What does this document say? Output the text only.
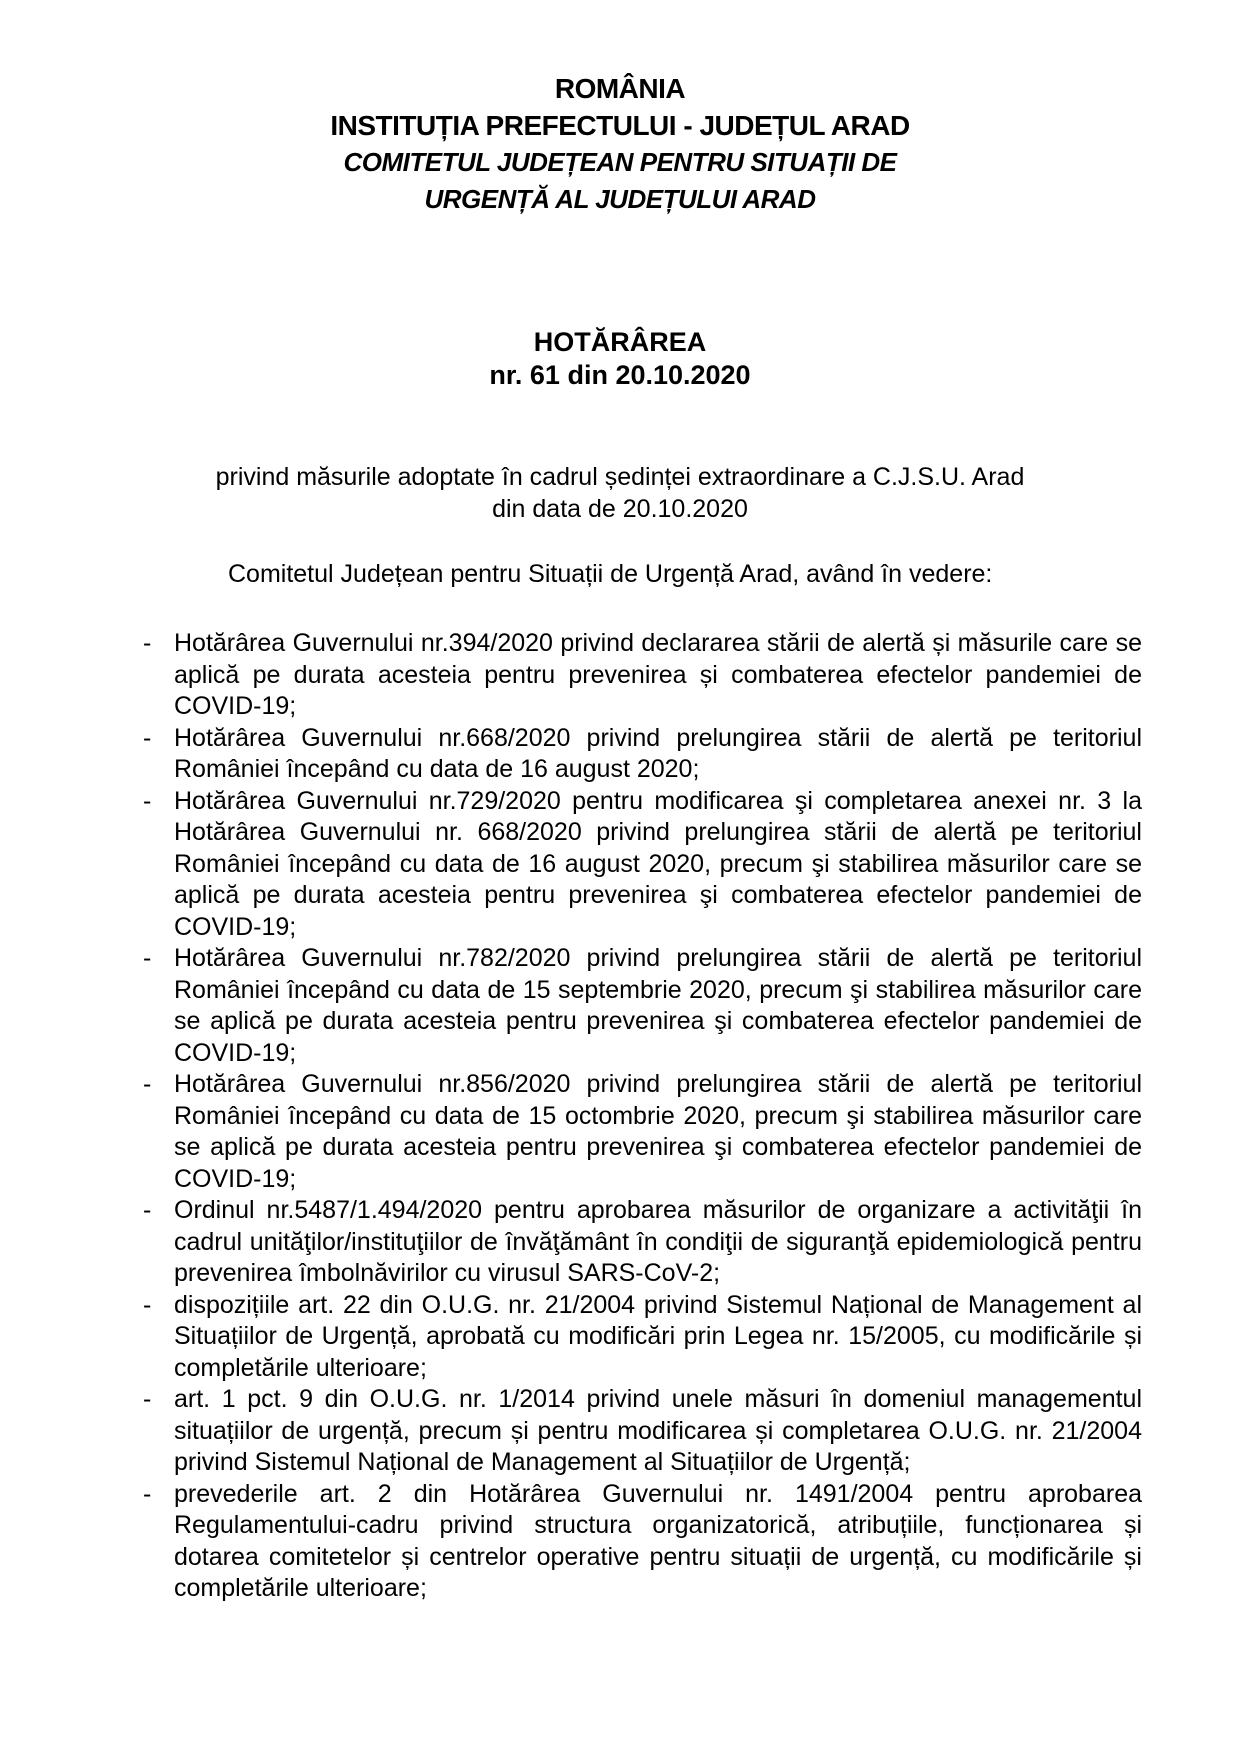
ROMÂNIA
INSTITUȚIA PREFECTULUI - JUDEȚUL ARAD
COMITETUL JUDEȚEAN PENTRU SITUAȚII DE
URGENȚĂ AL JUDEȚULUI ARAD
HOTĂRÂREA
nr. 61 din 20.10.2020
privind măsurile adoptate în cadrul ședinței extraordinare a C.J.S.U. Arad
din data de 20.10.2020

Comitetul Județean pentru Situații de Urgență Arad, având în vedere:

- Hotărârea Guvernului nr.394/2020 privind declararea stării de alertă și măsurile care se aplică pe durata acesteia pentru prevenirea și combaterea efectelor pandemiei de COVID-19;
- Hotărârea Guvernului nr.668/2020 privind prelungirea stării de alertă pe teritoriul României începând cu data de 16 august 2020;
- Hotărârea Guvernului nr.729/2020 pentru modificarea şi completarea anexei nr. 3 la Hotărârea Guvernului nr. 668/2020 privind prelungirea stării de alertă pe teritoriul României începând cu data de 16 august 2020, precum şi stabilirea măsurilor care se aplică pe durata acesteia pentru prevenirea şi combaterea efectelor pandemiei de COVID-19;
- Hotărârea Guvernului nr.782/2020 privind prelungirea stării de alertă pe teritoriul României începând cu data de 15 septembrie 2020, precum şi stabilirea măsurilor care se aplică pe durata acesteia pentru prevenirea şi combaterea efectelor pandemiei de COVID-19;
- Hotărârea Guvernului nr.856/2020 privind prelungirea stării de alertă pe teritoriul României începând cu data de 15 octombrie 2020, precum şi stabilirea măsurilor care se aplică pe durata acesteia pentru prevenirea şi combaterea efectelor pandemiei de COVID-19;
- Ordinul nr.5487/1.494/2020 pentru aprobarea măsurilor de organizare a activităţii în cadrul unităţilor/instituţiilor de învăţământ în condiţii de siguranţă epidemiologică pentru prevenirea îmbolnăvirilor cu virusul SARS-CoV-2;
- dispozițiile art. 22 din O.U.G. nr. 21/2004 privind Sistemul Național de Management al Situațiilor de Urgență, aprobată cu modificări prin Legea nr. 15/2005, cu modificările și completările ulterioare;
- art. 1 pct. 9 din O.U.G. nr. 1/2014 privind unele măsuri în domeniul managementul situațiilor de urgență, precum și pentru modificarea și completarea O.U.G. nr. 21/2004 privind Sistemul Național de Management al Situațiilor de Urgență;
- prevederile art. 2 din Hotărârea Guvernului nr. 1491/2004 pentru aprobarea Regulamentului-cadru privind structura organizatorică, atribuțiile, funcționarea și dotarea comitetelor și centrelor operative pentru situații de urgență, cu modificările și completările ulterioare;
